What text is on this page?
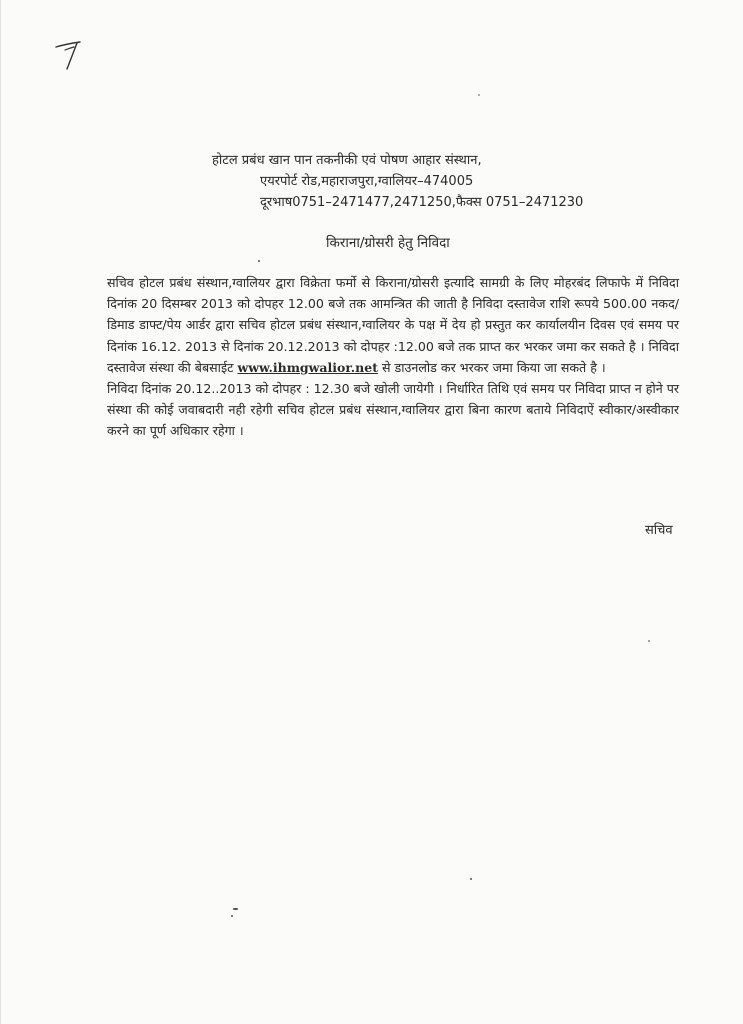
होटल प्रबंध खान पान तकनीकी एवं पोषण आहार संस्थान,
एयरपोर्ट रोड,महाराजपुरा,ग्वालियर–474005
दूरभाष0751–2471477,2471250,फैक्स 0751–2471230
किराना/ग्रोसरी हेतु निविदा

सचिव होटल प्रबंध संस्थान,ग्वालियर द्वारा विक्रेता फर्मो से किराना/ग्रोसरी इत्यादि सामग्री के लिए मोहरबंद लिफाफे में निविदा दिनांक 20 दिसम्बर 2013 को दोपहर 12.00 बजे तक आमन्त्रित की जाती है निविदा दस्तावेज राशि रूपये 500.00 नकद/डिमाड डाफ्ट/पेय आर्डर द्वारा सचिव होटल प्रबंध संस्थान,ग्वालियर के पक्ष में देय हो प्रस्तुत कर कार्यालयीन दिवस एवं समय पर दिनांक 16.12. 2013 से दिनांक 20.12.2013 को दोपहर :12.00 बजे तक प्राप्त कर भरकर जमा कर सकते है । निविदा दस्तावेज संस्था की बेबसाईट www.ihmgwalior.net से डाउनलोड कर भरकर जमा किया जा सकते है ।

निविदा दिनांक 20.12..2013 को दोपहर : 12.30 बजे खोली जायेगी । निर्धारित तिथि एवं समय पर निविदा प्राप्त न होने पर संस्था की कोई जवाबदारी नही रहेगी सचिव होटल प्रबंध संस्थान,ग्वालियर द्वारा बिना कारण बताये निविदाऐं स्वीकार/अस्वीकार करने का पूर्ण अधिकार रहेगा ।

सचिव
